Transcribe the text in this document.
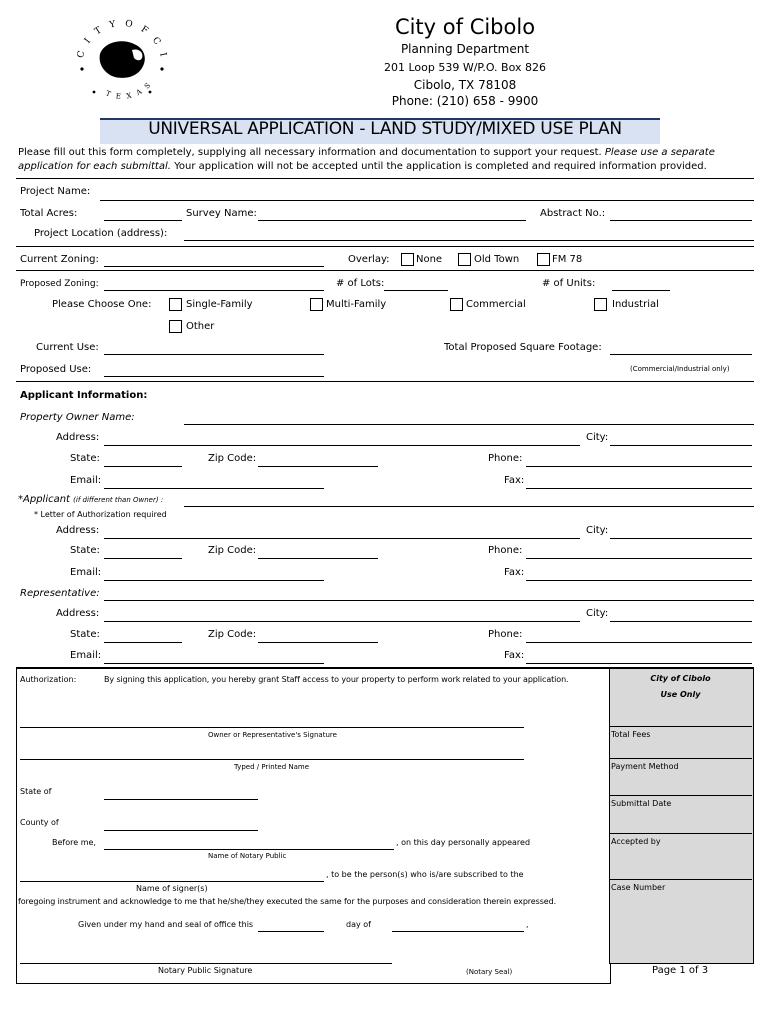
C I T Y O F C I
T E X A S
City of Cibolo
Planning Department
201 Loop 539 W/P.O. Box 826
Cibolo, TX 78108
Phone: (210) 658 - 9900
UNIVERSAL APPLICATION - LAND STUDY/MIXED USE PLAN
Please fill out this form completely, supplying all necessary information and documentation to support your request. Please use a separate
application for each submittal. Your application will not be accepted until the application is completed and required information provided.
Project Name:
Total Acres:	Survey Name:	Abstract No.:
Project Location (address):
Current Zoning:	Overlay:	None	Old Town	FM 78
Proposed Zoning:	# of Lots:	# of Units:
Please Choose One:	Single-Family	Multi-Family	Commercial	Industrial
Other
Current Use:	Total Proposed Square Footage:
Proposed Use:	(Commercial/Industrial only)
Applicant Information:
Property Owner Name:
Address:	City:
State:	Zip Code:	Phone:
Email:	Fax:
*Applicant (if different than Owner) :
* Letter of Authorization required
Address:	City:
State:	Zip Code:	Phone:
Email:	Fax:
Representative:
Address:	City:
State:	Zip Code:	Phone:
Email:	Fax:
Authorization:	By signing this application, you hereby grant Staff access to your property to perform work related to your application.
Owner or Representative's Signature
Typed / Printed Name
State of
County of
Before me,	, on this day personally appeared
Name of Notary Public
, to be the person(s) who is/are subscribed to the
Name of signer(s)
foregoing instrument and acknowledge to me that he/she/they executed the same for the purposes and consideration therein expressed.
Given under my hand and seal of office this	day of	,
Notary Public Signature	(Notary Seal)
City of Cibolo
Use Only
Total Fees
Payment Method
Submittal Date
Accepted by
Case Number
Page 1 of 3
